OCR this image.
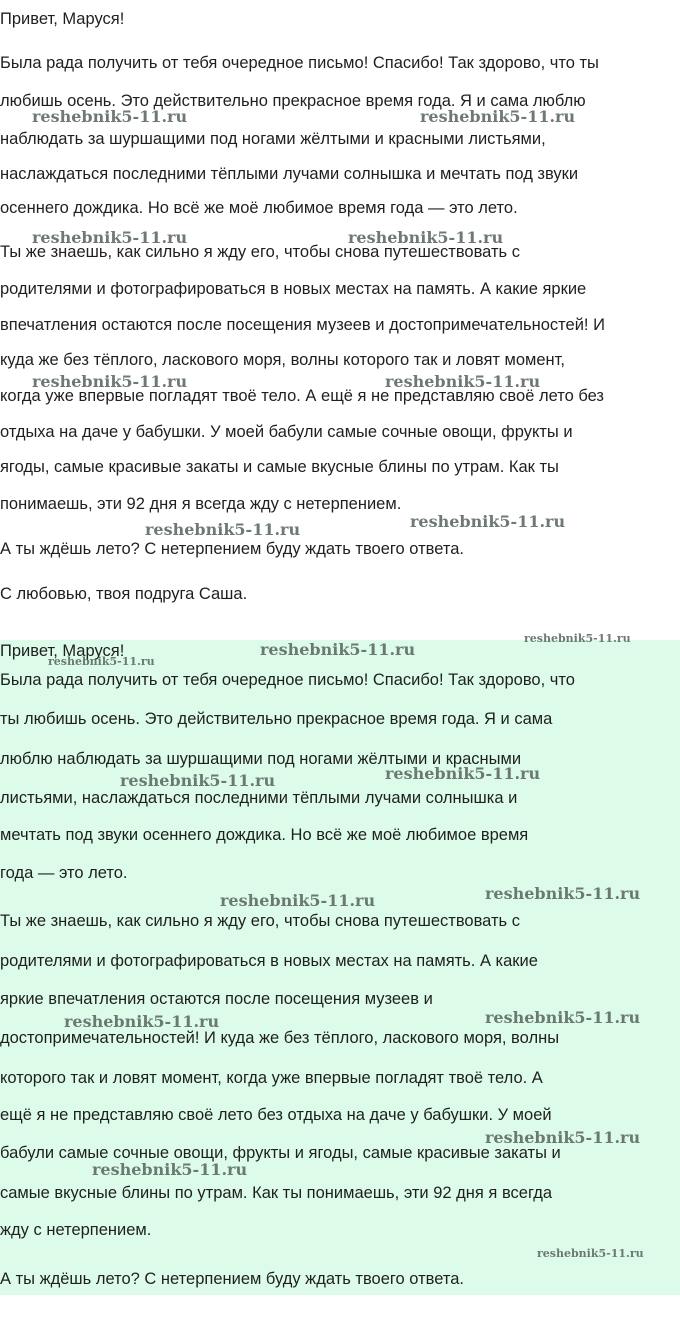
Привет, Маруся!
Была рада получить от тебя очередное письмо! Спасибо! Так здорово, что ты
любишь осень. Это действительно прекрасное время года. Я и сама люблю
наблюдать за шуршащими под ногами жёлтыми и красными листьями,
наслаждаться последними тёплыми лучами солнышка и мечтать под звуки
осеннего дождика. Но всё же моё любимое время года — это лето.
Ты же знаешь, как сильно я жду его, чтобы снова путешествовать с
родителями и фотографироваться в новых местах на память. А какие яркие
впечатления остаются после посещения музеев и достопримечательностей! И
куда же без тёплого, ласкового моря, волны которого так и ловят момент,
когда уже впервые погладят твоё тело. А ещё я не представляю своё лето без
отдыха на даче у бабушки. У моей бабули самые сочные овощи, фрукты и
ягоды, самые красивые закаты и самые вкусные блины по утрам. Как ты
понимаешь, эти 92 дня я всегда жду с нетерпением.
А ты ждёшь лето? С нетерпением буду ждать твоего ответа.
С любовью, твоя подруга Саша.
reshebnik5-11.ru	reshebnik5-11.ru
reshebnik5-11.ru	reshebnik5-11.ru
reshebnik5-11.ru	reshebnik5-11.ru
reshebnik5-11.ru	reshebnik5-11.ru
Привет, Маруся!
Была рада получить от тебя очередное письмо! Спасибо! Так здорово, что
ты любишь осень. Это действительно прекрасное время года. Я и сама
люблю наблюдать за шуршащими под ногами жёлтыми и красными
листьями, наслаждаться последними тёплыми лучами солнышка и
мечтать под звуки осеннего дождика. Но всё же моё любимое время
года — это лето.
Ты же знаешь, как сильно я жду его, чтобы снова путешествовать с
родителями и фотографироваться в новых местах на память. А какие
яркие впечатления остаются после посещения музеев и
достопримечательностей! И куда же без тёплого, ласкового моря, волны
которого так и ловят момент, когда уже впервые погладят твоё тело. А
ещё я не представляю своё лето без отдыха на даче у бабушки. У моей
бабули самые сочные овощи, фрукты и ягоды, самые красивые закаты и
самые вкусные блины по утрам. Как ты понимаешь, эти 92 дня я всегда
жду с нетерпением.
А ты ждёшь лето? С нетерпением буду ждать твоего ответа.
reshebnik5-11.ru
reshebnik5-11.ru
reshebnik5-11.ru
reshebnik5-11.ru	reshebnik5-11.ru
reshebnik5-11.ru	reshebnik5-11.ru
reshebnik5-11.ru	reshebnik5-11.ru
reshebnik5-11.ru
reshebnik5-11.ru
reshebnik5-11.ru
